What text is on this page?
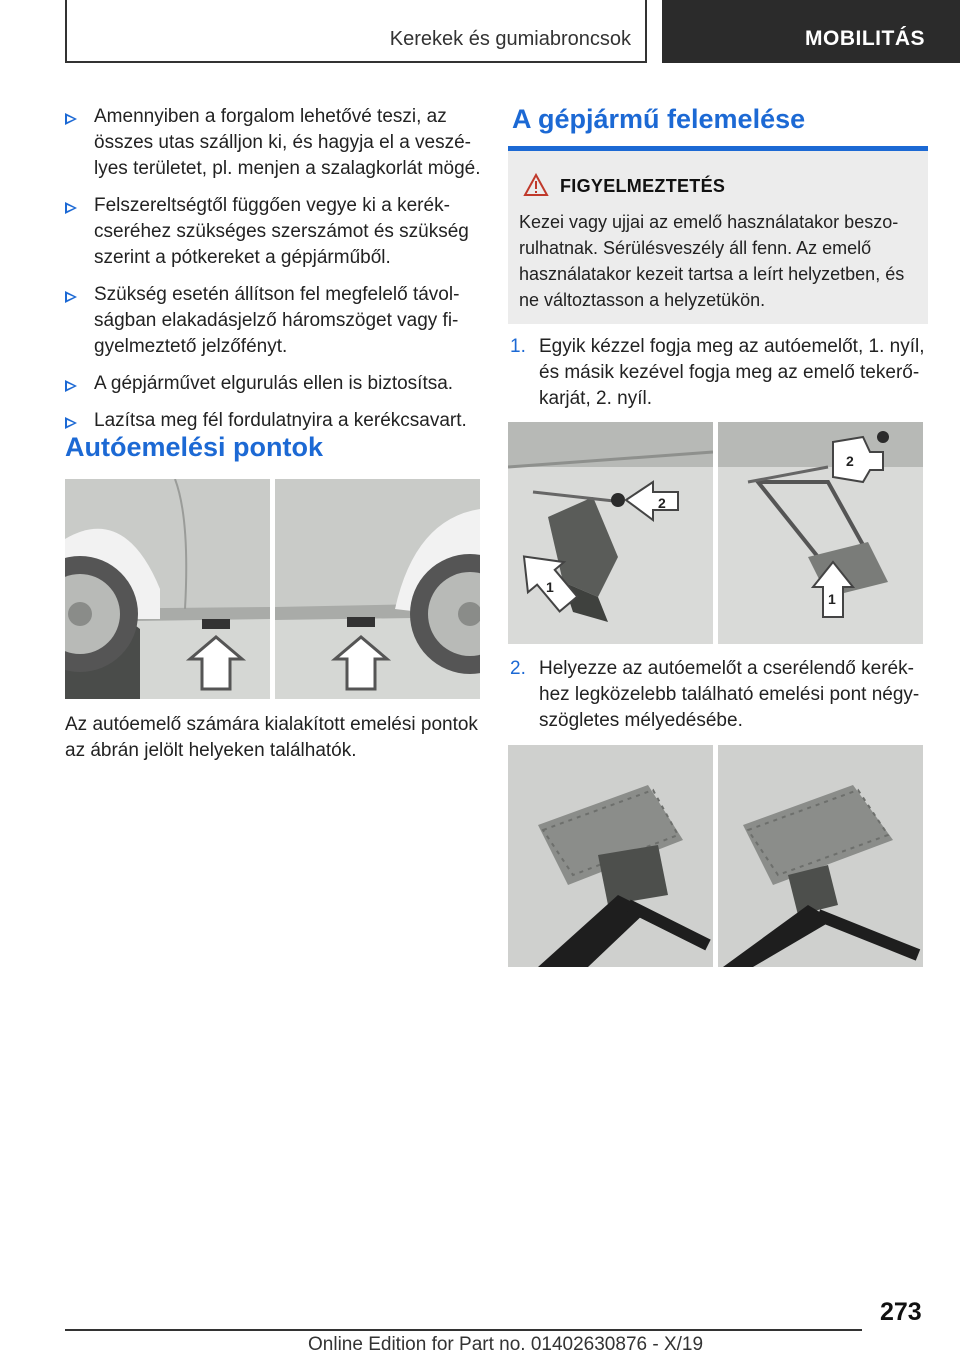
Kerekek és gumiabroncsok	MOBILITÁS
Amennyiben a forgalom lehetővé teszi, az
összes utas szálljon ki, és hagyja el a veszé-
lyes területet, pl. menjen a szalagkorlát mögé.
Felszereltségtől függően vegye ki a kerék-
cseréhez szükséges szerszámot és szükség
szerint a pótkereket a gépjárműből.
Szükség esetén állítson fel megfelelő távol-
ságban elakadásjelző háromszöget vagy fi-
gyelmeztető jelzőfényt.
A gépjárművet elgurulás ellen is biztosítsa.
Lazítsa meg fél fordulatnyira a kerékcsavart.
Autóemelési pontok

Az autóemelő számára kialakított emelési pontok
az ábrán jelölt helyeken találhatók.

A gépjármű felemelése
FIGYELMEZTETÉS
Kezei vagy ujjai az emelő használatakor beszo-
rulhatnak. Sérülésveszély áll fenn. Az emelő
használatakor kezeit tartsa a leírt helyzetben, és
ne változtasson a helyzetükön.
1. Egyik kézzel fogja meg az autóemelőt, 1. nyíl,
és másik kezével fogja meg az emelő tekerő-
karját, 2. nyíl.
2
1
2
1
2. Helyezze az autóemelőt a cserélendő kerék-
hez legközelebb található emelési pont négy-
szögletes mélyedésébe.
273
Online Edition for Part no. 01402630876 - X/19
